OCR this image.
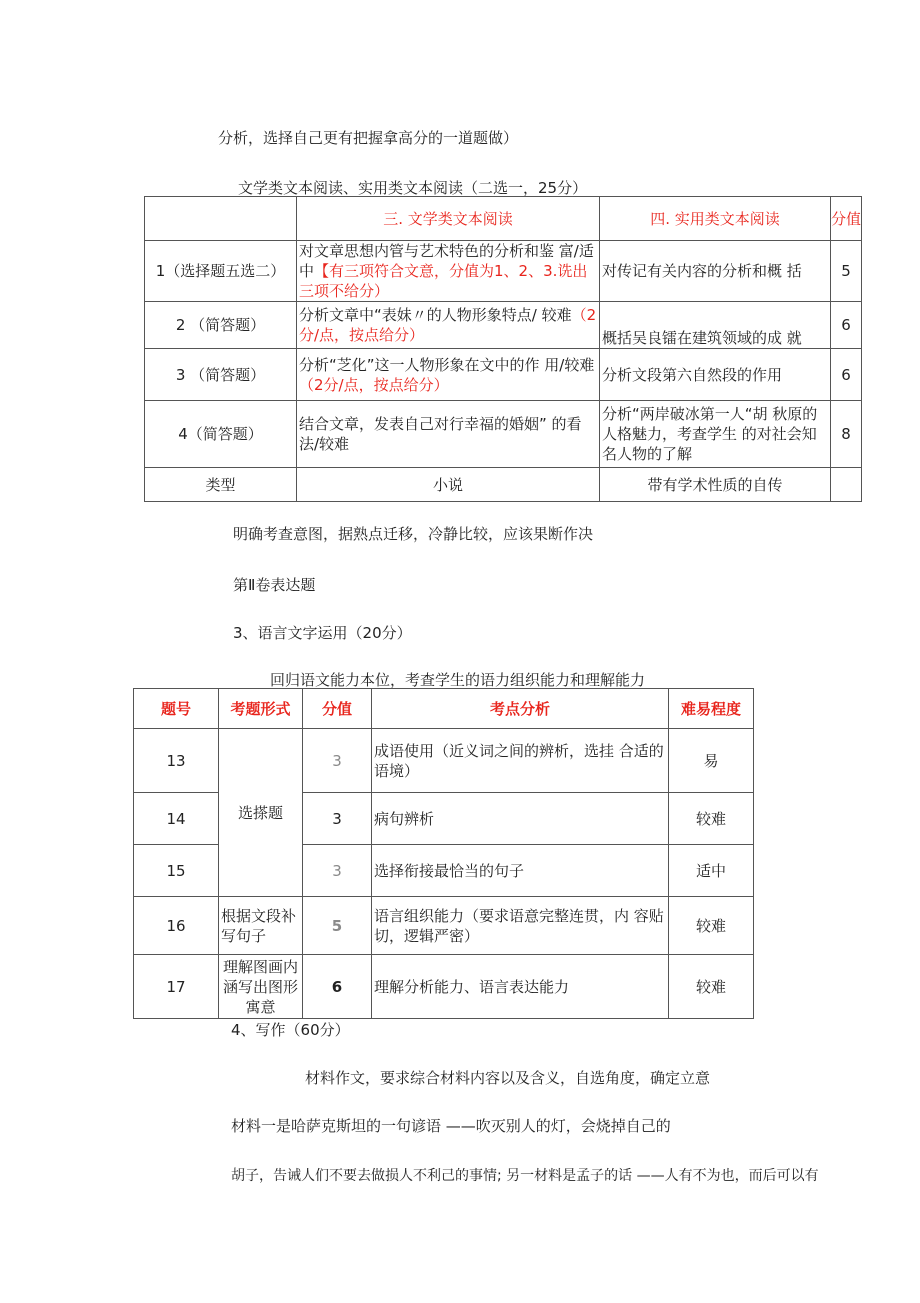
分析，选择自己更有把握拿高分的一道题做）
文学类文本阅读、实用类文本阅读（二选一，25分）
	三. 文学类文本阅读	四. 实用类文本阅读	分值
1（选择题五选二）	对文章思想内管与艺术特色的分析和鉴 富/适中【有三项符合文意，分值为1、2、3.诜出三项不给分）	对传记有关内容的分析和概 括	5
2 （简答题）	分析文章中“表妹〃的人物形象特点/ 较难（2分/点，按点给分）	概括吴良镭在建筑领域的成 就	6
3 （简答题）	分析“芝化”这一人物形象在文中的作 用/较难（2分/点，按点给分）	分析文段第六自然段的作用	6
4（简答题）	结合文章，发表自己对行幸福的婚姻” 的看法/较难	分析“两岸破冰第一人“胡 秋原的人格魅力，考查学生 的对社会知名人物的了解	8
类型	小说	带有学术性质的自传	
明确考查意图，据熟点迁移，冷静比较，应该果断作决
第Ⅱ卷表达题
3、语言文字运用（20分）
回归语文能力本位，考查学生的语力组织能力和理解能力
题号	考题形式	分值	考点分析	难易程度
13	选搽题	3	成语使用（近义词之间的辨析，选挂 合适的语境）	易
14		3	病句辨析	较难
15		3	选择衔接最恰当的句子	适中
16	根据文段补写句子	5	语言组织能力（要求语意完整连贯，内 容贴切，逻辑严密）	较难
17	理解图画内涵写出图形寓意	6	理解分析能力、语言表达能力	较难
4、写作（60分）
材料作文，要求综合材料内容以及含义，自选角度，确定立意
材料一是哈萨克斯坦的一句谚语 ——吹灭别人的灯，会烧掉自己的
胡子，告诫人们不要去做损人不利己的事情; 另一材料是孟子的话 ——人有不为也，而后可以有
